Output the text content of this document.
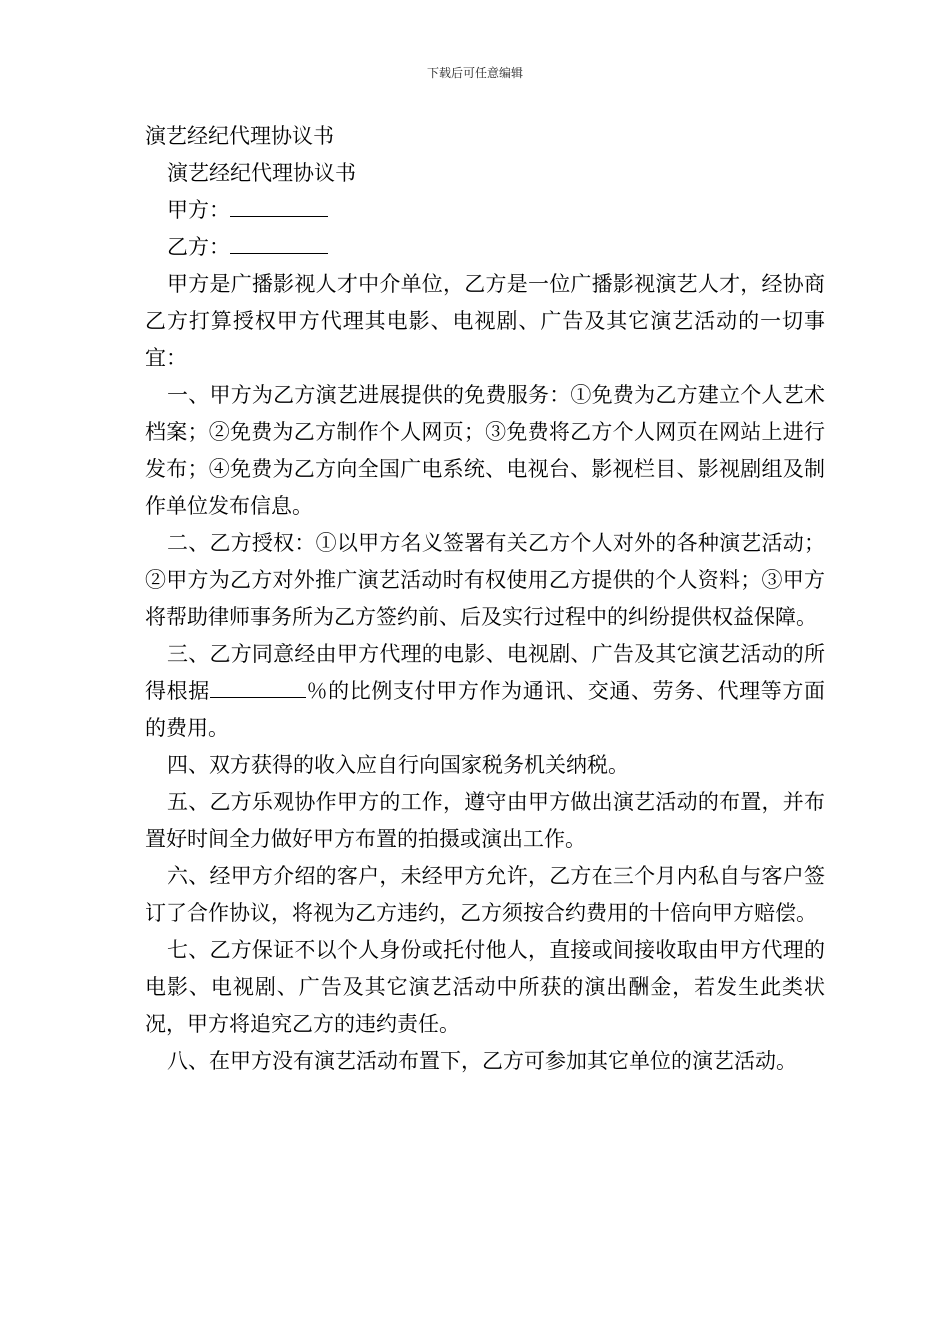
下载后可任意编辑

演艺经纪代理协议书

演艺经纪代理协议书

甲方：

乙方：

甲方是广播影视人才中介单位，乙方是一位广播影视演艺人才，经协商乙方打算授权甲方代理其电影、电视剧、广告及其它演艺活动的一切事宜：

一、甲方为乙方演艺进展提供的免费服务：①免费为乙方建立个人艺术档案；②免费为乙方制作个人网页；③免费将乙方个人网页在网站上进行发布；④免费为乙方向全国广电系统、电视台、影视栏目、影视剧组及制作单位发布信息。

二、乙方授权：①以甲方名义签署有关乙方个人对外的各种演艺活动；②甲方为乙方对外推广演艺活动时有权使用乙方提供的个人资料；③甲方将帮助律师事务所为乙方签约前、后及实行过程中的纠纷提供权益保障。

三、乙方同意经由甲方代理的电影、电视剧、广告及其它演艺活动的所得根据	％的比例支付甲方作为通讯、交通、劳务、代理等方面的费用。

四、双方获得的收入应自行向国家税务机关纳税。

五、乙方乐观协作甲方的工作，遵守由甲方做出演艺活动的布置，并布置好时间全力做好甲方布置的拍摄或演出工作。

六、经甲方介绍的客户，未经甲方允许，乙方在三个月内私自与客户签订了合作协议，将视为乙方违约，乙方须按合约费用的十倍向甲方赔偿。

七、乙方保证不以个人身份或托付他人，直接或间接收取由甲方代理的电影、电视剧、广告及其它演艺活动中所获的演出酬金，若发生此类状况，甲方将追究乙方的违约责任。

八、在甲方没有演艺活动布置下，乙方可参加其它单位的演艺活动。
